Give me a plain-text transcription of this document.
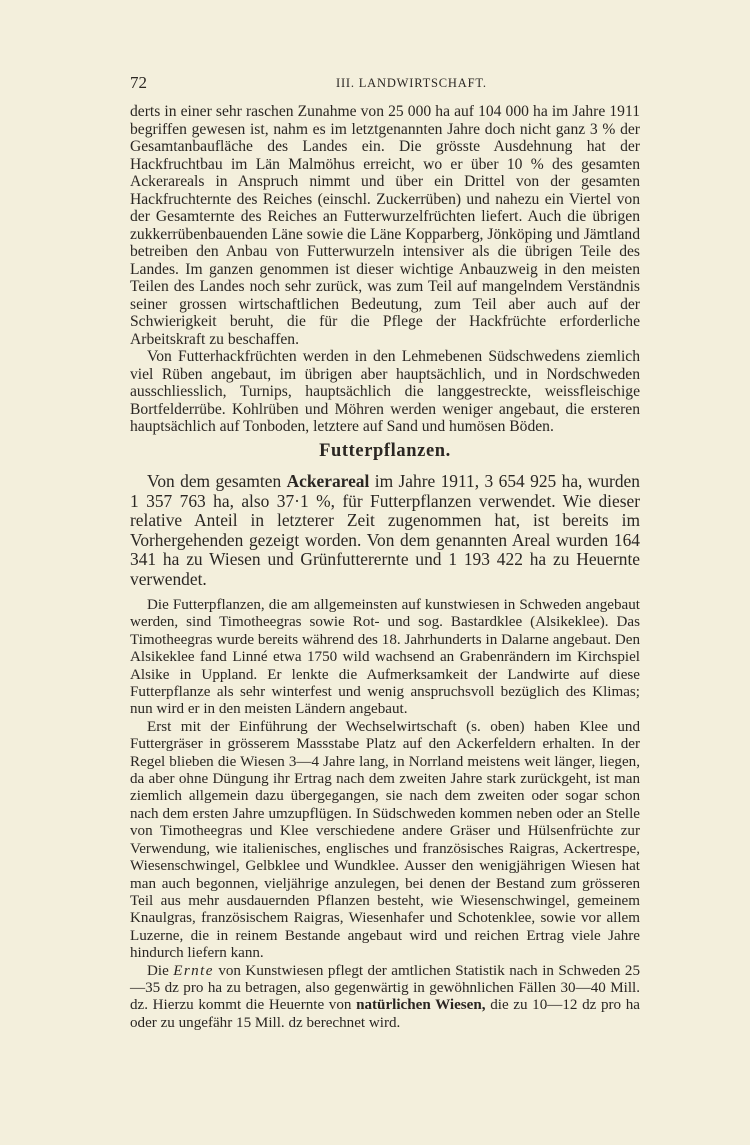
72	III. LANDWIRTSCHAFT.

derts in einer sehr raschen Zunahme von 25 000 ha auf 104 000 ha im Jahre 1911 begriffen gewesen ist, nahm es im letztgenannten Jahre doch nicht ganz 3 % der Gesamtanbaufläche des Landes ein. Die grösste Ausdehnung hat der Hackfruchtbau im Län Malmöhus erreicht, wo er über 10 % des gesamten Ackerareals in Anspruch nimmt und über ein Drittel von der gesamten Hackfruchternte des Reiches (einschl. Zuckerrüben) und nahezu ein Viertel von der Gesamternte des Reiches an Futterwurzelfrüchten liefert. Auch die übrigen zukkerrübenbauenden Läne sowie die Läne Kopparberg, Jönköping und Jämtland betreiben den Anbau von Futterwurzeln intensiver als die übrigen Teile des Landes. Im ganzen genommen ist dieser wichtige Anbauzweig in den meisten Teilen des Landes noch sehr zurück, was zum Teil auf mangelndem Verständnis seiner grossen wirtschaftlichen Bedeutung, zum Teil aber auch auf der Schwierigkeit beruht, die für die Pflege der Hackfrüchte erforderliche Arbeitskraft zu beschaffen.

Von Futterhackfrüchten werden in den Lehmebenen Südschwedens ziemlich viel Rüben angebaut, im übrigen aber hauptsächlich, und in Nordschweden ausschliesslich, Turnips, hauptsächlich die langgestreckte, weissfleischige Bortfelderrübe. Kohlrüben und Möhren werden weniger angebaut, die ersteren hauptsächlich auf Tonboden, letztere auf Sand und humösen Böden.

Futterpflanzen.

Von dem gesamten Ackerareal im Jahre 1911, 3 654 925 ha, wurden 1 357 763 ha, also 37·1 %, für Futterpflanzen verwendet. Wie dieser relative Anteil in letzterer Zeit zugenommen hat, ist bereits im Vorhergehenden gezeigt worden. Von dem genannten Areal wurden 164 341 ha zu Wiesen und Grünfutterernte und 1 193 422 ha zu Heuernte verwendet.

Die Futterpflanzen, die am allgemeinsten auf kunstwiesen in Schweden angebaut werden, sind Timotheegras sowie Rot- und sog. Bastardklee (Alsikeklee). Das Timotheegras wurde bereits während des 18. Jahrhunderts in Dalarne angebaut. Den Alsikeklee fand Linné etwa 1750 wild wachsend an Grabenrändern im Kirchspiel Alsike in Uppland. Er lenkte die Aufmerksamkeit der Landwirte auf diese Futterpflanze als sehr winterfest und wenig anspruchsvoll bezüglich des Klimas; nun wird er in den meisten Ländern angebaut.

Erst mit der Einführung der Wechselwirtschaft (s. oben) haben Klee und Futtergräser in grösserem Massstabe Platz auf den Ackerfeldern erhalten. In der Regel blieben die Wiesen 3—4 Jahre lang, in Norrland meistens weit länger, liegen, da aber ohne Düngung ihr Ertrag nach dem zweiten Jahre stark zurückgeht, ist man ziemlich allgemein dazu übergegangen, sie nach dem zweiten oder sogar schon nach dem ersten Jahre umzupflügen. In Südschweden kommen neben oder an Stelle von Timotheegras und Klee verschiedene andere Gräser und Hülsenfrüchte zur Verwendung, wie italienisches, englisches und französisches Raigras, Ackertrespe, Wiesenschwingel, Gelbklee und Wundklee. Ausser den wenigjährigen Wiesen hat man auch begonnen, vieljährige anzulegen, bei denen der Bestand zum grösseren Teil aus mehr ausdauernden Pflanzen besteht, wie Wiesenschwingel, gemeinem Knaulgras, französischem Raigras, Wiesenhafer und Schotenklee, sowie vor allem Luzerne, die in reinem Bestande angebaut wird und reichen Ertrag viele Jahre hindurch liefern kann.

Die Ernte von Kunstwiesen pflegt der amtlichen Statistik nach in Schweden 25—35 dz pro ha zu betragen, also gegenwärtig in gewöhnlichen Fällen 30—40 Mill. dz. Hierzu kommt die Heuernte von natürlichen Wiesen, die zu 10—12 dz pro ha oder zu ungefähr 15 Mill. dz berechnet wird.
